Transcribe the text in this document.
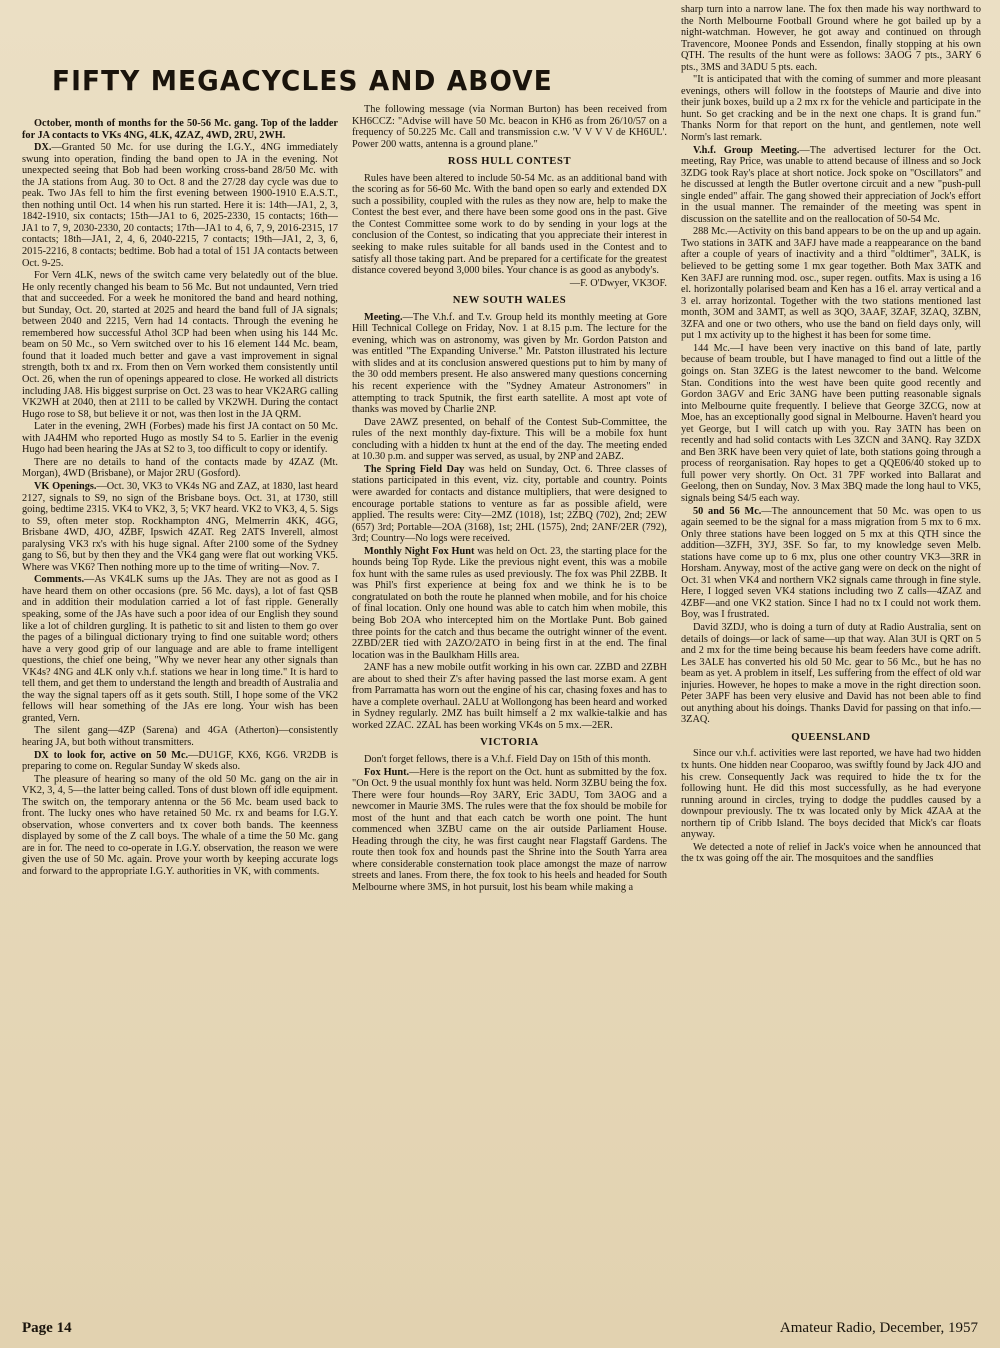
FIFTY MEGACYCLES AND ABOVE

October, month of months for the 50-56 Mc. gang. Top of the ladder for JA contacts to VKs 4NG, 4LK, 4ZAZ, 4WD, 2RU, 2WH.

DX.—Granted 50 Mc. for use during the I.G.Y., 4NG immediately swung into operation, finding the band open to JA in the evening. Not unexpected seeing that Bob had been working cross-band 28/50 Mc. with the JA stations from Aug. 30 to Oct. 8 and the 27/28 day cycle was due to peak. Two JAs fell to him the first evening between 1900-1910 E.A.S.T., then nothing until Oct. 14 when his run started. Here it is: 14th—JA1, 2, 3, 1842-1910, six contacts; 15th—JA1 to 6, 2025-2330, 15 contacts; 16th—JA1 to 7, 9, 2030-2330, 20 contacts; 17th—JA1 to 4, 6, 7, 9, 2016-2315, 17 contacts; 18th—JA1, 2, 4, 6, 2040-2215, 7 contacts; 19th—JA1, 2, 3, 6, 2015-2216, 8 contacts; bedtime. Bob had a total of 151 JA contacts between Oct. 9-25.

For Vern 4LK, news of the switch came very belatedly out of the blue. He only recently changed his beam to 56 Mc. But not undaunted, Vern tried that and succeeded. For a week he monitored the band and heard nothing, but Sunday, Oct. 20, started at 2025 and heard the band full of JA signals; between 2040 and 2215, Vern had 14 contacts. Through the evening he remembered how successful Athol 3CP had been when using his 144 Mc. beam on 50 Mc., so Vern switched over to his 16 element 144 Mc. beam, found that it loaded much better and gave a vast improvement in signal strength, both tx and rx. From then on Vern worked them consistently until Oct. 26, when the run of openings appeared to close. He worked all districts including JA8. His biggest surprise on Oct. 23 was to hear VK2ARG calling VK2WH at 2040, then at 2111 to be called by VK2WH. During the contact Hugo rose to S8, but believe it or not, was then lost in the JA QRM.

Later in the evening, 2WH (Forbes) made his first JA contact on 50 Mc. with JA4HM who reported Hugo as mostly S4 to 5. Earlier in the evenig Hugo had been hearing the JAs at S2 to 3, too difficult to copy or identify.

There are no details to hand of the contacts made by 4ZAZ (Mt. Morgan), 4WD (Brisbane), or Major 2RU (Gosford).

VK Openings.—Oct. 30, VK3 to VK4s NG and ZAZ, at 1830, last heard 2127, signals to S9, no sign of the Brisbane boys. Oct. 31, at 1730, still going, bedtime 2315. VK4 to VK2, 3, 5; VK7 heard. VK2 to VK3, 4, 5. Sigs to S9, often meter stop. Rockhampton 4NG, Melmerrin 4KK, 4GG, Brisbane 4WD, 4JO, 4ZBF, Ipswich 4ZAT. Reg 2ATS Inverell, almost paralysing VK3 rx's with his huge signal. After 2100 some of the Sydney gang to S6, but by then they and the VK4 gang were flat out working VK5. Where was VK6? Then nothing more up to the time of writing—Nov. 7.

Comments.—As VK4LK sums up the JAs. They are not as good as I have heard them on other occasions (pre. 56 Mc. days), a lot of fast QSB and in addition their modulation carried a lot of fast ripple. Generally speaking, some of the JAs have such a poor idea of our English they sound like a lot of children gurgling. It is pathetic to sit and listen to them go over the pages of a bilingual dictionary trying to find one suitable word; others have a very good grip of our language and are able to frame intelligent questions, the chief one being, "Why we never hear any other signals than VK4s? 4NG and 4LK only v.h.f. stations we hear in long time." It is hard to tell them, and get them to understand the length and breadth of Australia and the way the signal tapers off as it gets south. Still, I hope some of the VK2 fellows will hear something of the JAs ere long. Your wish has been granted, Vern.

The silent gang—4ZP (Sarena) and 4GA (Atherton)—consistently hearing JA, but both without transmitters.

DX to look for, active on 50 Mc.—DU1GF, KX6, KG6. VR2DB is preparing to come on. Regular Sunday W skeds also.

The pleasure of hearing so many of the old 50 Mc. gang on the air in VK2, 3, 4, 5—the latter being called. Tons of dust blown off idle equipment. The switch on, the temporary antenna or the 56 Mc. beam used back to front. The lucky ones who have retained 50 Mc. rx and beams for I.G.Y. observation, whose converters and tx cover both bands. The keenness displayed by some of the Z call boys. The whale of a time the 50 Mc. gang are in for. The need to co-operate in I.G.Y. observation, the reason we were given the use of 50 Mc. again. Prove your worth by keeping accurate logs and forward to the appropriate I.G.Y. authorities in VK, with comments.

The following message (via Norman Burton) has been received from KH6CCZ: "Advise will have 50 Mc. beacon in KH6 as from 26/10/57 on a frequency of 50.225 Mc. Call and transmission c.w. 'V V V V de KH6UL'. Power 200 watts, antenna is a ground plane."

ROSS HULL CONTEST

Rules have been altered to include 50-54 Mc. as an additional band with the scoring as for 56-60 Mc. With the band open so early and extended DX such a possibility, coupled with the rules as they now are, help to make the Contest the best ever, and there have been some good ons in the past. Give the Contest Committee some work to do by sending in your logs at the conclusion of the Contest, so indicating that you appreciate their interest in seeking to make rules suitable for all bands used in the Contest and to satisfy all those taking part. And be prepared for a certificate for the greatest distance covered beyond 3,000 biles. Your chance is as good as anybody's.

—F. O'Dwyer, VK3OF.

NEW SOUTH WALES

Meeting.—The V.h.f. and T.v. Group held its monthly meeting at Gore Hill Technical College on Friday, Nov. 1 at 8.15 p.m. The lecture for the evening, which was on astronomy, was given by Mr. Gordon Patston and was entitled "The Expanding Universe." Mr. Patston illustrated his lecture with slides and at its conclusion answered questions put to him by many of the 30 odd members present. He also answered many questions concerning his recent experience with the "Sydney Amateur Astronomers" in attempting to track Sputnik, the first earth satellite. A most apt vote of thanks was moved by Charlie 2NP.

Dave 2AWZ presented, on behalf of the Contest Sub-Committee, the rules of the next monthly day-fixture. This will be a mobile fox hunt concluding with a hidden tx hunt at the end of the day. The meeting ended at 10.30 p.m. and supper was served, as usual, by 2NP and 2ABZ.

The Spring Field Day was held on Sunday, Oct. 6. Three classes of stations participated in this event, viz. city, portable and country. Points were awarded for contacts and distance multipliers, that were designed to encourage portable stations to venture as far as possible afield, were applied. The results were: City—2MZ (1018), 1st; 2ZBQ (702), 2nd; 2EW (657) 3rd; Portable—2OA (3168), 1st; 2HL (1575), 2nd; 2ANF/2ER (792), 3rd; Country—No logs were received.

Monthly Night Fox Hunt was held on Oct. 23, the starting place for the hounds being Top Ryde. Like the previous night event, this was a mobile fox hunt with the same rules as used previously. The fox was Phil 2ZBB. It was Phil's first experience at being fox and we think he is to be congratulated on both the route he planned when mobile, and for his choice of final location. Only one hound was able to catch him when mobile, this being Bob 2OA who intercepted him on the Mortlake Punt. Bob gained three points for the catch and thus became the outright winner of the event. 2ZBD/2ER tied with 2AZO/2ATO in being first in at the end. The final location was in the Baulkham Hills area.

2ANF has a new mobile outfit working in his own car. 2ZBD and 2ZBH are about to shed their Z's after having passed the last morse exam. A gent from Parramatta has worn out the engine of his car, chasing foxes and has to have a complete overhaul. 2ALU at Wollongong has been heard and worked in Sydney regularly. 2MZ has built himself a 2 mx walkie-talkie and has worked 2ZAC. 2ZAL has been working VK4s on 5 mx.—2ER.

VICTORIA

Don't forget fellows, there is a V.h.f. Field Day on 15th of this month.

Fox Hunt.—Here is the report on the Oct. hunt as submitted by the fox. "On Oct. 9 the usual monthly fox hunt was held. Norm 3ZBU being the fox. There were four hounds—Roy 3ARY, Eric 3ADU, Tom 3AOG and a newcomer in Maurie 3MS. The rules were that the fox should be mobile for most of the hunt and that each catch be worth one point. The hunt commenced when 3ZBU came on the air outside Parliament House. Heading through the city, he was first caught near Flagstaff Gardens. The route then took fox and hounds past the Shrine into the South Yarra area where considerable consternation took place amongst the maze of narrow streets and lanes. From there, the fox took to his heels and headed for South Melbourne where 3MS, in hot pursuit, lost his beam while making a

sharp turn into a narrow lane. The fox then made his way northward to the North Melbourne Football Ground where he got bailed up by a night-watchman. However, he got away and continued on through Travencore, Moonee Ponds and Essendon, finally stopping at his own QTH. The results of the hunt were as follows: 3AOG 7 pts., 3ARY 6 pts., 3MS and 3ADU 5 pts. each.

"It is anticipated that with the coming of summer and more pleasant evenings, others will follow in the footsteps of Maurie and dive into their junk boxes, build up a 2 mx rx for the vehicle and participate in the hunt. So get cracking and be in the next one chaps. It is grand fun." Thanks Norm for that report on the hunt, and gentlemen, note well Norm's last remark.

V.h.f. Group Meeting.—The advertised lecturer for the Oct. meeting, Ray Price, was unable to attend because of illness and so Jock 3ZDG took Ray's place at short notice. Jock spoke on "Oscillators" and he discussed at length the Butler overtone circuit and a new "push-pull single ended" affair. The gang showed their appreciation of Jock's effort in the usual manner. The remainder of the meeting was spent in discussion on the satellite and on the reallocation of 50-54 Mc.

288 Mc.—Activity on this band appears to be on the up and up again. Two stations in 3ATK and 3AFJ have made a reappearance on the band after a couple of years of inactivity and a third "oldtimer", 3ALK, is believed to be getting some 1 mx gear together. Both Max 3ATK and Ken 3AFJ are running mod. osc., super regen. outfits. Max is using a 16 el. horizontally polarised beam and Ken has a 16 el. array vertical and a 3 el. array horizontal. Together with the two stations mentioned last month, 3OM and 3AMT, as well as 3QO, 3AAF, 3ZAF, 3ZAQ, 3ZBN, 3ZFA and one or two others, who use the band on field days only, will put 1 mx activity up to the highest it has been for some time.

144 Mc.—I have been very inactive on this band of late, partly because of beam trouble, but I have managed to find out a little of the goings on. Stan 3ZEG is the latest newcomer to the band. Welcome Stan. Conditions into the west have been quite good recently and Gordon 3AGV and Eric 3ANG have been putting reasonable signals into Melbourne quite frequently. I believe that George 3ZCG, now at Moe, has an exceptionally good signal in Melbourne. Haven't heard you yet George, but I will catch up with you. Ray 3ATN has been on recently and had solid contacts with Les 3ZCN and 3ANQ. Ray 3ZDX and Ben 3RK have been very quiet of late, both stations going through a process of reorganisation. Ray hopes to get a QQE06/40 stoked up to full power very shortly. On Oct. 31 7PF worked into Ballarat and Geelong, then on Sunday, Nov. 3 Max 3BQ made the long haul to VK5, signals being S4/5 each way.

50 and 56 Mc.—The announcement that 50 Mc. was open to us again seemed to be the signal for a mass migration from 5 mx to 6 mx. Only three stations have been logged on 5 mx at this QTH since the addition—3ZFH, 3YJ, 3SF. So far, to my knowledge seven Melb. stations have come up to 6 mx, plus one other country VK3—3RR in Horsham. Anyway, most of the active gang were on deck on the night of Oct. 31 when VK4 and northern VK2 signals came through in fine style. Here, I logged seven VK4 stations including two Z calls—4ZAZ and 4ZBF—and one VK2 station. Since I had no tx I could not work them. Boy, was I frustrated.

David 3ZDJ, who is doing a turn of duty at Radio Australia, sent on details of doings—or lack of same—up that way. Alan 3UI is QRT on 5 and 2 mx for the time being because his beam feeders have come adrift. Les 3ALE has converted his old 50 Mc. gear to 56 Mc., but he has no beam as yet. A problem in itself, Les suffering from the effect of old war injuries. However, he hopes to make a move in the right direction soon. Peter 3APF has been very elusive and David has not been able to find out anything about his doings. Thanks David for passing on that info.—3ZAQ.

QUEENSLAND

Since our v.h.f. activities were last reported, we have had two hidden tx hunts. One hidden near Cooparoo, was swiftly found by Jack 4JO and his crew. Consequently Jack was required to hide the tx for the following hunt. He did this most successfully, as he had everyone running around in circles, trying to dodge the puddles caused by a downpour previously. The tx was located only by Mick 4ZAA at the northern tip of Cribb Island. The boys decided that Mick's car floats anyway.

We detected a note of relief in Jack's voice when he announced that the tx was going off the air. The mosquitoes and the sandflies

Page 14	Amateur Radio, December, 1957
